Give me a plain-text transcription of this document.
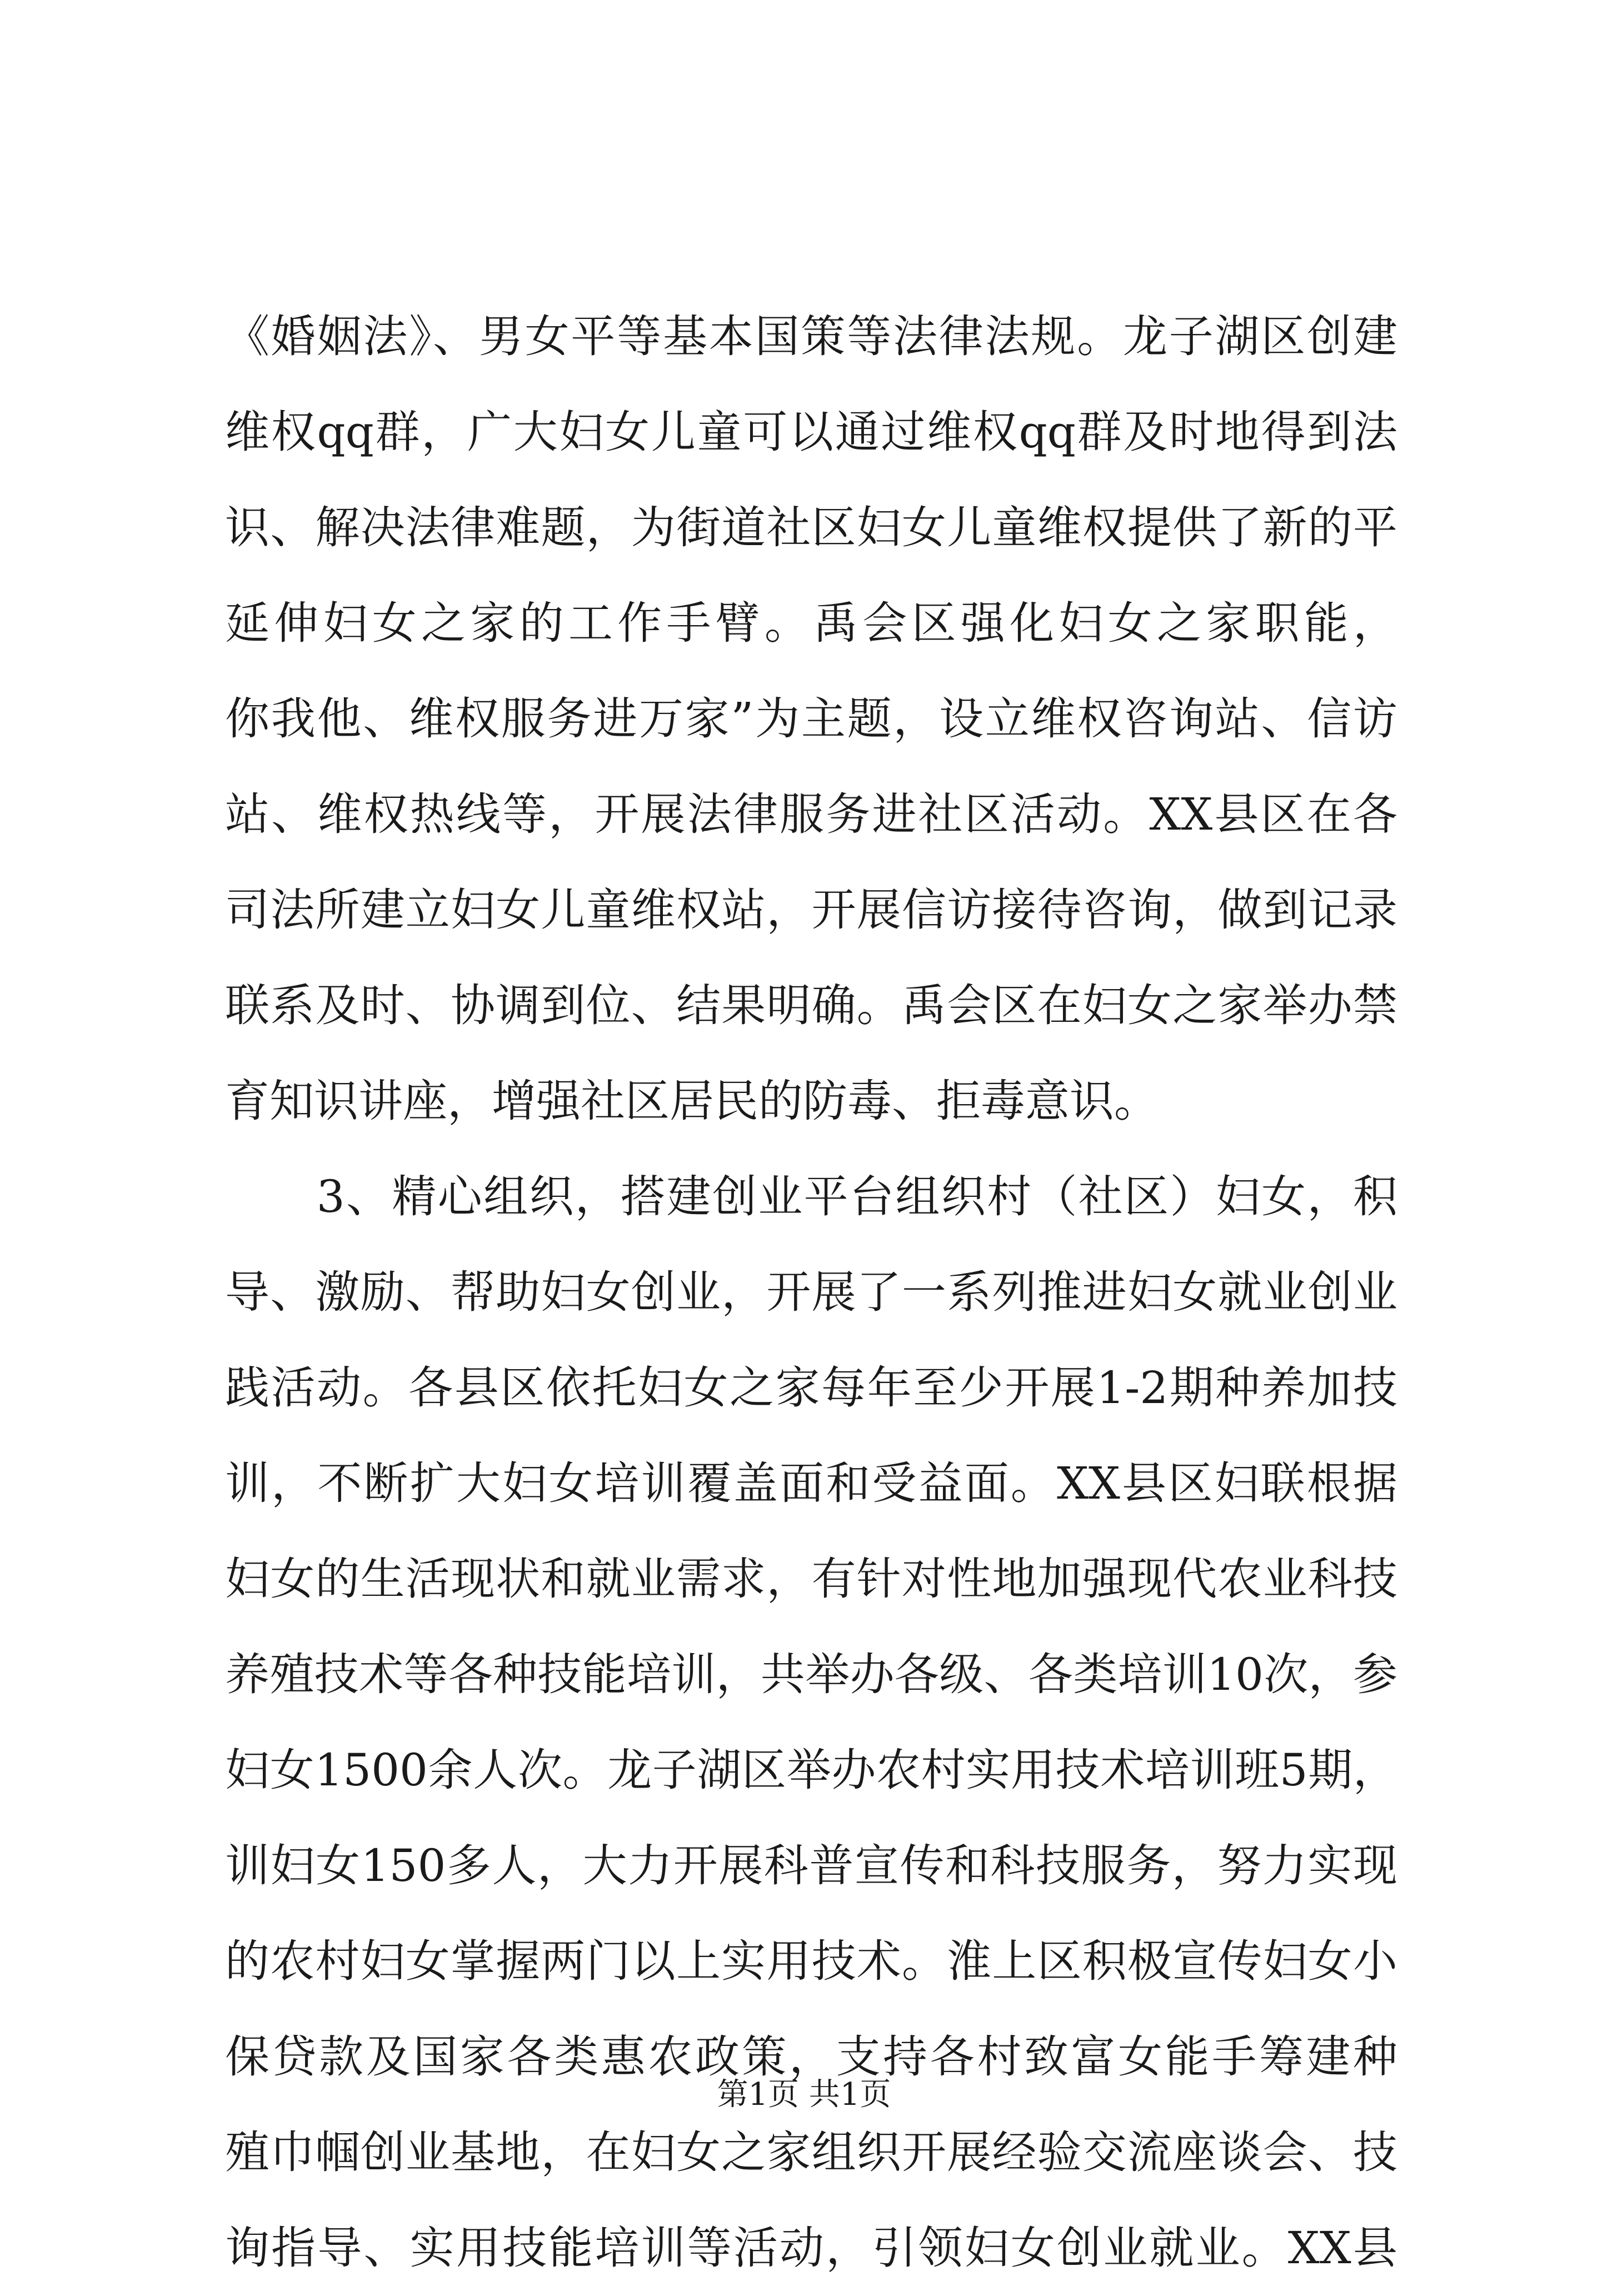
《婚姻法》、男女平等基本国策等法律法规。龙子湖区创建
维权qq群，广大妇女儿童可以通过维权qq群及时地得到法
识、解决法律难题，为街道社区妇女儿童维权提供了新的平
延伸妇女之家的工作手臂。禹会区强化妇女之家职能，
你我他、维权服务进万家”为主题，设立维权咨询站、信访
站、维权热线等，开展法律服务进社区活动。XX县区在各
司法所建立妇女儿童维权站，开展信访接待咨询，做到记录
联系及时、协调到位、结果明确。禹会区在妇女之家举办禁
育知识讲座，增强社区居民的防毒、拒毒意识。
　　3、精心组织，搭建创业平台组织村（社区）妇女，积
导、激励、帮助妇女创业，开展了一系列推进妇女就业创业
践活动。各县区依托妇女之家每年至少开展1-2期种养加技
训，不断扩大妇女培训覆盖面和受益面。XX县区妇联根据
妇女的生活现状和就业需求，有针对性地加强现代农业科技
养殖技术等各种技能培训，共举办各级、各类培训10次，参
妇女1500余人次。龙子湖区举办农村实用技术培训班5期，
训妇女150多人，大力开展科普宣传和科技服务，努力实现
的农村妇女掌握两门以上实用技术。淮上区积极宣传妇女小
保贷款及国家各类惠农政策，支持各村致富女能手筹建种
殖巾帼创业基地，在妇女之家组织开展经验交流座谈会、技
询指导、实用技能培训等活动，引领妇女创业就业。XX县
第1页 共1页
